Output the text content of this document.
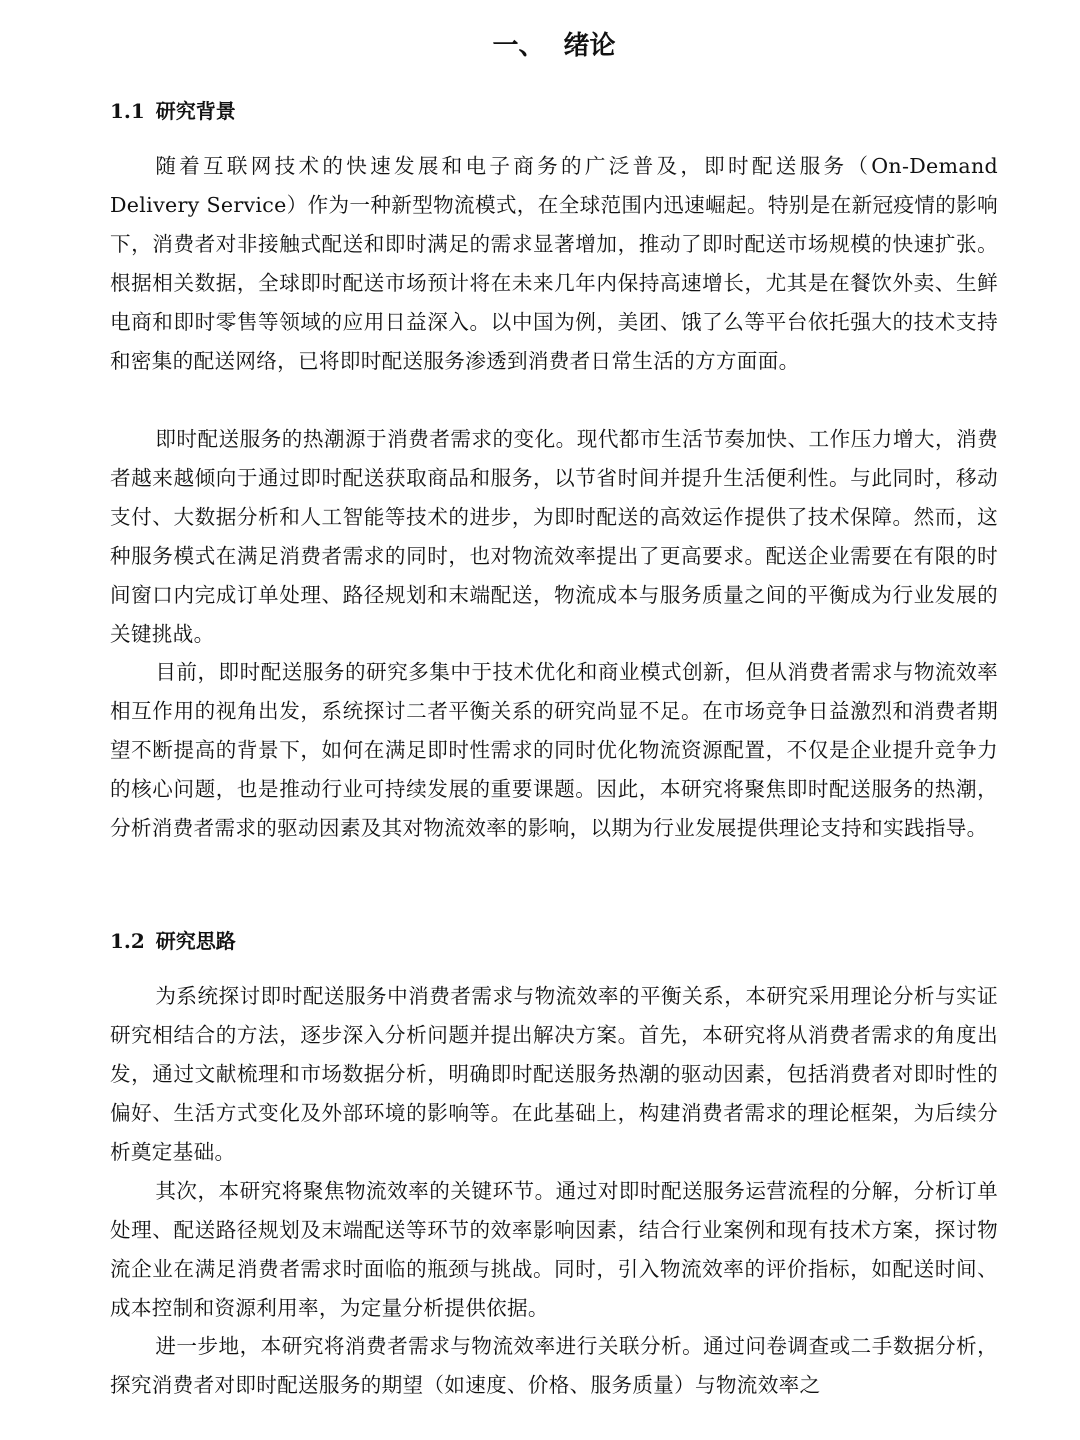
一、 绪论
1.1 研究背景

随着互联网技术的快速发展和电子商务的广泛普及，即时配送服务（On-Demand Delivery Service）作为一种新型物流模式，在全球范围内迅速崛起。特别是在新冠疫情的影响下，消费者对非接触式配送和即时满足的需求显著增加，推动了即时配送市场规模的快速扩张。根据相关数据，全球即时配送市场预计将在未来几年内保持高速增长，尤其是在餐饮外卖、生鲜电商和即时零售等领域的应用日益深入。以中国为例，美团、饿了么等平台依托强大的技术支持和密集的配送网络，已将即时配送服务渗透到消费者日常生活的方方面面。

即时配送服务的热潮源于消费者需求的变化。现代都市生活节奏加快、工作压力增大，消费者越来越倾向于通过即时配送获取商品和服务，以节省时间并提升生活便利性。与此同时，移动支付、大数据分析和人工智能等技术的进步，为即时配送的高效运作提供了技术保障。然而，这种服务模式在满足消费者需求的同时，也对物流效率提出了更高要求。配送企业需要在有限的时间窗口内完成订单处理、路径规划和末端配送，物流成本与服务质量之间的平衡成为行业发展的关键挑战。

目前，即时配送服务的研究多集中于技术优化和商业模式创新，但从消费者需求与物流效率相互作用的视角出发，系统探讨二者平衡关系的研究尚显不足。在市场竞争日益激烈和消费者期望不断提高的背景下，如何在满足即时性需求的同时优化物流资源配置，不仅是企业提升竞争力的核心问题，也是推动行业可持续发展的重要课题。因此，本研究将聚焦即时配送服务的热潮，分析消费者需求的驱动因素及其对物流效率的影响，以期为行业发展提供理论支持和实践指导。

1.2 研究思路

为系统探讨即时配送服务中消费者需求与物流效率的平衡关系，本研究采用理论分析与实证研究相结合的方法，逐步深入分析问题并提出解决方案。首先，本研究将从消费者需求的角度出发，通过文献梳理和市场数据分析，明确即时配送服务热潮的驱动因素，包括消费者对即时性的偏好、生活方式变化及外部环境的影响等。在此基础上，构建消费者需求的理论框架，为后续分析奠定基础。

其次，本研究将聚焦物流效率的关键环节。通过对即时配送服务运营流程的分解，分析订单处理、配送路径规划及末端配送等环节的效率影响因素，结合行业案例和现有技术方案，探讨物流企业在满足消费者需求时面临的瓶颈与挑战。同时，引入物流效率的评价指标，如配送时间、成本控制和资源利用率，为定量分析提供依据。

进一步地，本研究将消费者需求与物流效率进行关联分析。通过问卷调查或二手数据分析，探究消费者对即时配送服务的期望（如速度、价格、服务质量）与物流效率之
